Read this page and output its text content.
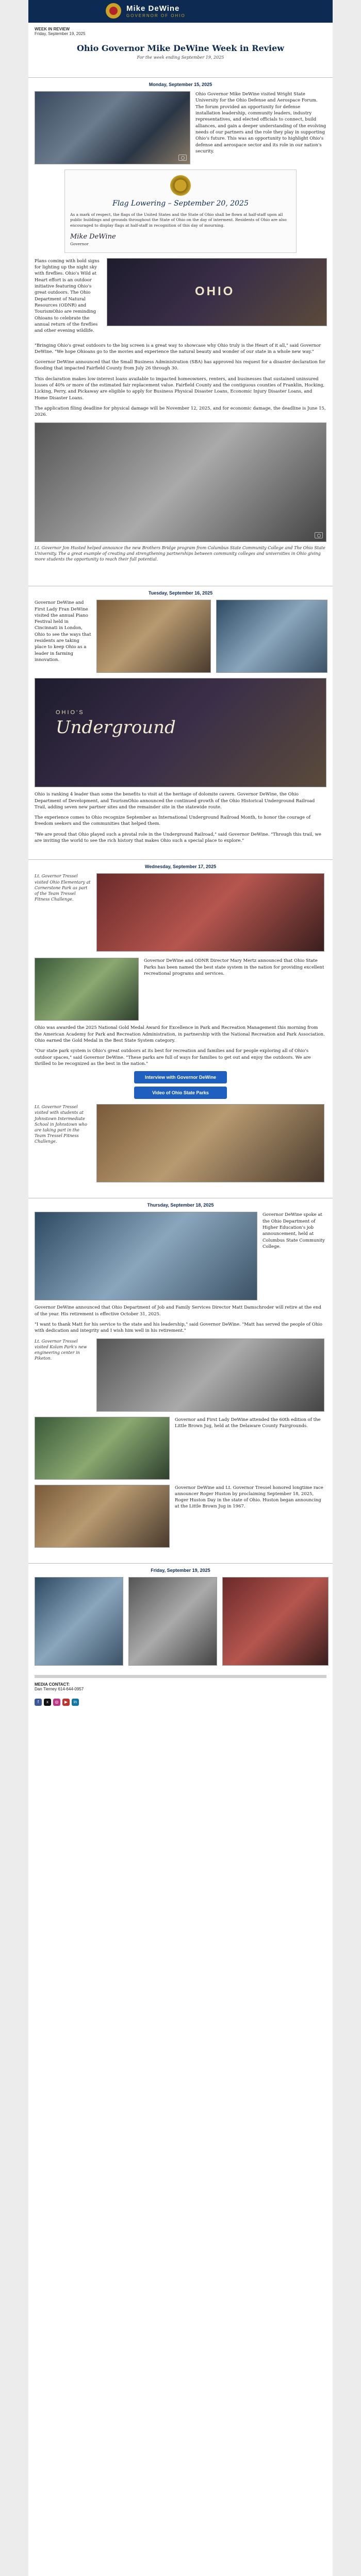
Mike DeWine
GOVERNOR OF OHIO
WEEK IN REVIEW
Friday, September 19, 2025
Ohio Governor Mike DeWine Week in Review
For the week ending September 19, 2025
Monday, September 15, 2025

Ohio Governor Mike DeWine visited Wright State University for the Ohio Defense and Aerospace Forum. The forum provided an opportunity for defense installation leadership, community leaders, industry representatives, and elected officials to connect, build alliances, and gain a deeper understanding of the evolving needs of our partners and the role they play in supporting Ohio's future. This was an opportunity to highlight Ohio's defense and aerospace sector and its role in our nation's security.

Flag Lowering – September 20, 2025
As a mark of respect, the flags of the United States and the State of Ohio shall be flown at half-staff upon all public buildings and grounds throughout the State of Ohio on the day of interment. Residents of Ohio are also encouraged to display flags at half-staff in recognition of this day of mourning.
Mike DeWine
Governor

Plans coming with bold signs for lighting up the night sky with fireflies. Ohio's Wild at Heart effort is an outdoor initiative featuring Ohio's great outdoors. The Ohio Department of Natural Resources (ODNR) and TourismOhio are reminding Ohioans to celebrate the annual return of the fireflies and other evening wildlife.

OHIO

"Bringing Ohio's great outdoors to the big screen is a great way to showcase why Ohio truly is the Heart of it all," said Governor DeWine. "We hope Ohioans go to the movies and experience the natural beauty and wonder of our state in a whole new way."

Governor DeWine announced that the Small Business Administration (SBA) has approved his request for a disaster declaration for flooding that impacted Fairfield County from July 26 through 30.

This declaration makes low-interest loans available to impacted homeowners, renters, and businesses that sustained uninsured losses of 40% or more of the estimated fair replacement value. Fairfield County and the contiguous counties of Franklin, Hocking, Licking, Perry, and Pickaway are eligible to apply for Business Physical Disaster Loans, Economic Injury Disaster Loans, and Home Disaster Loans.

The application filing deadline for physical damage will be November 12, 2025, and for economic damage, the deadline is June 15, 2026.

Lt. Governor Jon Husted helped announce the new Brothers Bridge program from Columbus State Community College and The Ohio State University. The a great example of creating and strengthening partnerships between community colleges and universities in Ohio giving more students the opportunity to reach their full potential.
Tuesday, September 16, 2025

Governor DeWine and First Lady Fran DeWine visited the annual Piano Festival held in Cincinnati in London, Ohio to see the ways that residents are taking place to keep Ohio as a leader in farming innovation.

OHIO'S
Underground

Ohio is ranking 4 leader than some the benefits to visit at the heritage of dolomite cavern. Governor DeWine, the Ohio Department of Development, and TourismOhio announced the continued growth of the Ohio Historical Underground Railroad Trail, adding seven new partner sites and the remainder site in the statewide route.

The experience comes to Ohio recognize September as International Underground Railroad Month, to honor the courage of freedom seekers and the communities that helped them.

"We are proud that Ohio played such a pivotal role in the Underground Railroad," said Governor DeWine. "Through this trail, we are inviting the world to see the rich history that makes Ohio such a special place to explore."

Wednesday, September 17, 2025
Lt. Governor Tressel visited Ohio Elementary at Cornerstone Park as part of the Team Tressel Fitness Challenge.

Governor DeWine and ODNR Director Mary Mertz announced that Ohio State Parks has been named the best state system in the nation for providing excellent recreational programs and services.

Ohio was awarded the 2025 National Gold Medal Award for Excellence in Park and Recreation Management this morning from the American Academy for Park and Recreation Administration, in partnership with the National Recreation and Park Association. Ohio earned the Gold Medal in the Best State System category.

"Our state park system is Ohio's great outdoors at its best for recreation and families and for people exploring all of Ohio's outdoor spaces," said Governor DeWine. "These parks are full of ways for families to get out and enjoy the outdoors. We are thrilled to be recognized as the best in the nation."

Interview with Governor DeWine
Video of Ohio State Parks
Lt. Governor Tressel visited with students at Johnstown Intermediate School in Johnstown who are taking part in the Team Tressel Fitness Challenge.
Thursday, September 18, 2025

Governor DeWine spoke at the Ohio Department of Higher Education's job announcement, held at Columbus State Community College.

Governor DeWine announced that Ohio Department of Job and Family Services Director Matt Damschroder will retire at the end of the year. His retirement is effective October 31, 2025.

"I want to thank Matt for his service to the state and his leadership," said Governor DeWine. "Matt has served the people of Ohio with dedication and integrity and I wish him well in his retirement."

Lt. Governor Tressel visited Kolam Park's new engineering center in Piketon.

Governor and First Lady DeWine attended the 60th edition of the Little Brown Jug, held at the Delaware County Fairgrounds.

Governor DeWine and Lt. Governor Tressel honored longtime race announcer Roger Huston by proclaiming September 18, 2025, Roger Huston Day in the state of Ohio. Huston began announcing at the Little Brown Jug in 1967.

Friday, September 19, 2025
MEDIA CONTACT:
Dan Tierney 614-644-0957
f	x	◎	▶	in
